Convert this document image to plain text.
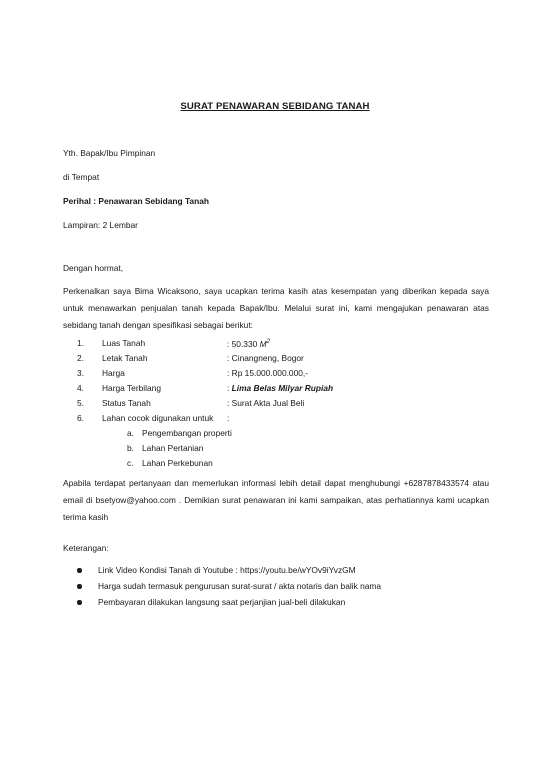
SURAT PENAWARAN SEBIDANG TANAH
Yth. Bapak/Ibu Pimpinan
di Tempat
Perihal : Penawaran Sebidang Tanah
Lampiran: 2 Lembar
Dengan hormat,
Perkenalkan saya Bima Wicaksono, saya ucapkan terima kasih atas kesempatan yang diberikan kepada saya untuk menawarkan penjualan tanah kepada Bapak/Ibu. Melalui surat ini, kami mengajukan penawaran atas sebidang tanah dengan spesifikasi sebagai berikut:
1. Luas Tanah	: 50.330 $M^2$
2. Letak Tanah	: Cinangneng, Bogor
3. Harga	: Rp 15.000.000.000,-
4. Harga Terbilang	: Lima Belas Milyar Rupiah
5. Status Tanah	: Surat Akta Jual Beli
6. Lahan cocok digunakan untuk :
a. Pengembangan properti
b. Lahan Pertanian
c. Lahan Perkebunan
Apabila terdapat pertanyaan dan memerlukan informasi lebih detail dapat menghubungi +6287878433574 atau email di bsetyow@yahoo.com . Demikian surat penawaran ini kami sampaikan, atas perhatiannya kami ucapkan terima kasih
Keterangan:
Link Video Kondisi Tanah di Youtube : https://youtu.be/wYOv9iYvzGM
Harga sudah termasuk pengurusan surat-surat / akta notaris dan balik nama
Pembayaran dilakukan langsung saat perjanjian jual-beli dilakukan
